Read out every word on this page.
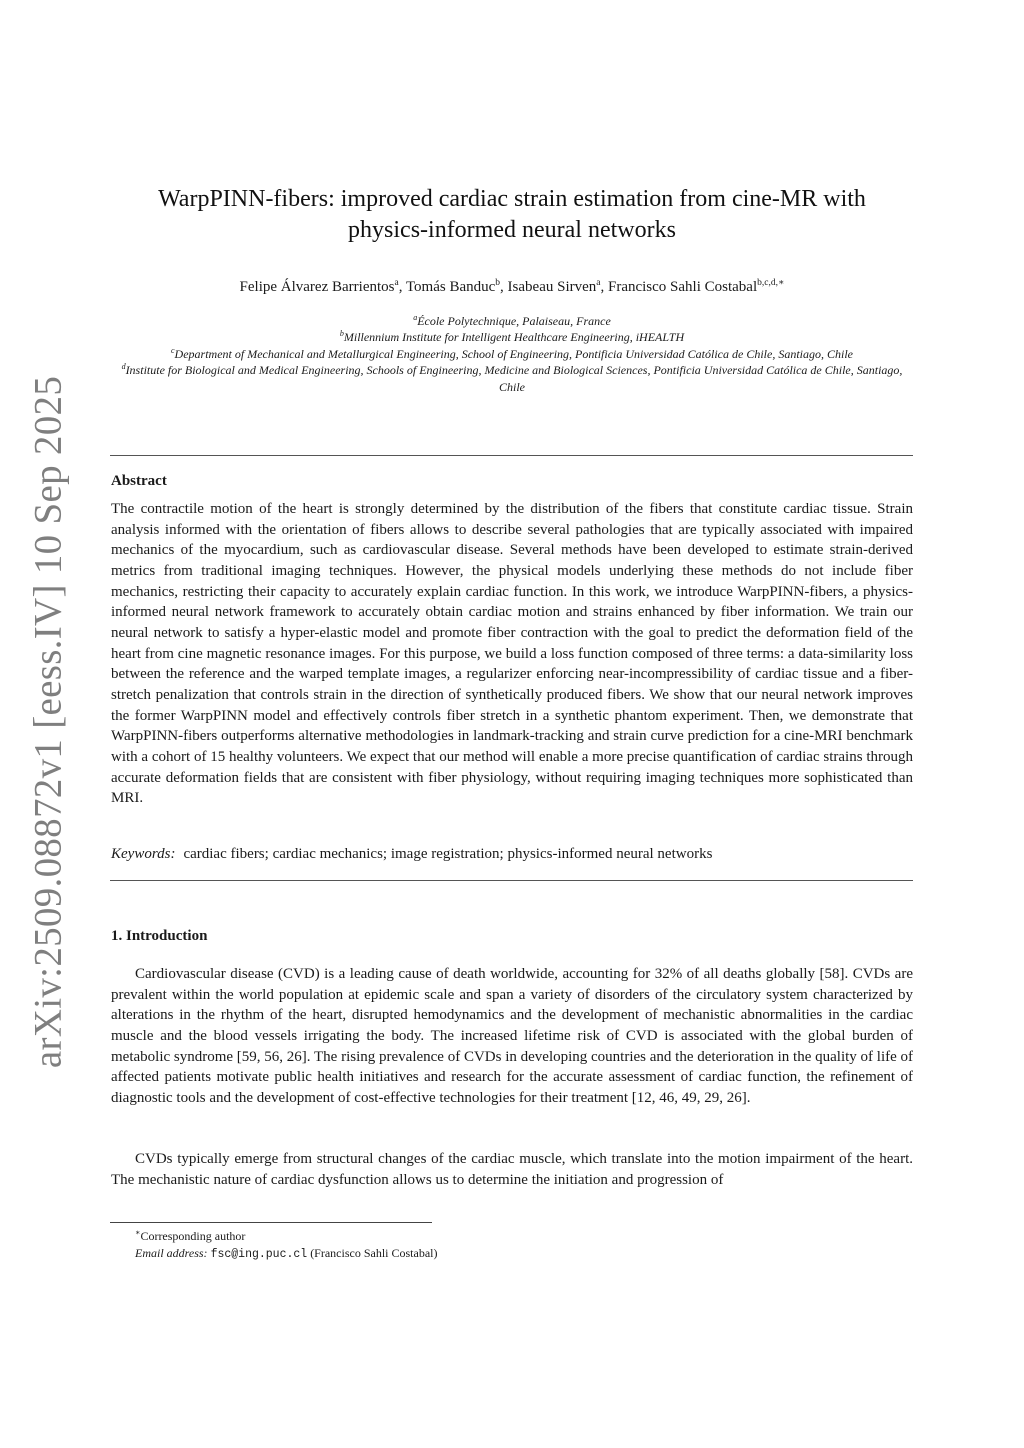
arXiv:2509.08872v1 [eess.IV] 10 Sep 2025
WarpPINN-fibers: improved cardiac strain estimation from cine-MR with
physics-informed neural networks
Felipe Álvarez Barrientos$^a$, Tomás Banduc$^b$, Isabeau Sirven$^a$, Francisco Sahli Costabal$^{b,c,d,∗}$
$^a$École Polytechnique, Palaiseau, France
$^b$Millennium Institute for Intelligent Healthcare Engineering, iHEALTH
$^c$Department of Mechanical and Metallurgical Engineering, School of Engineering, Pontificia Universidad Católica de Chile, Santiago, Chile
$^d$Institute for Biological and Medical Engineering, Schools of Engineering, Medicine and Biological Sciences, Pontificia Universidad Católica de Chile, Santiago, Chile
Abstract

The contractile motion of the heart is strongly determined by the distribution of the fibers that constitute cardiac tissue. Strain analysis informed with the orientation of fibers allows to describe several pathologies that are typically associated with impaired mechanics of the myocardium, such as cardiovascular disease. Several methods have been developed to estimate strain-derived metrics from traditional imaging techniques. However, the physical models underlying these methods do not include fiber mechanics, restricting their capacity to accurately explain cardiac function. In this work, we introduce WarpPINN-fibers, a physics-informed neural network framework to accurately obtain cardiac motion and strains enhanced by fiber information. We train our neural network to satisfy a hyper-elastic model and promote fiber contraction with the goal to predict the deformation field of the heart from cine magnetic resonance images. For this purpose, we build a loss function composed of three terms: a data-similarity loss between the reference and the warped template images, a regularizer enforcing near-incompressibility of cardiac tissue and a fiber-stretch penalization that controls strain in the direction of synthetically produced fibers. We show that our neural network improves the former WarpPINN model and effectively controls fiber stretch in a synthetic phantom experiment. Then, we demonstrate that WarpPINN-fibers outperforms alternative methodologies in landmark-tracking and strain curve prediction for a cine-MRI benchmark with a cohort of 15 healthy volunteers. We expect that our method will enable a more precise quantification of cardiac strains through accurate deformation fields that are consistent with fiber physiology, without requiring imaging techniques more sophisticated than MRI.

Keywords: cardiac fibers; cardiac mechanics; image registration; physics-informed neural networks
1. Introduction

Cardiovascular disease (CVD) is a leading cause of death worldwide, accounting for 32% of all deaths globally [58]. CVDs are prevalent within the world population at epidemic scale and span a variety of disorders of the circulatory system characterized by alterations in the rhythm of the heart, disrupted hemodynamics and the development of mechanistic abnormalities in the cardiac muscle and the blood vessels irrigating the body. The increased lifetime risk of CVD is associated with the global burden of metabolic syndrome [59, 56, 26]. The rising prevalence of CVDs in developing countries and the deterioration in the quality of life of affected patients motivate public health initiatives and research for the accurate assessment of cardiac function, the refinement of diagnostic tools and the development of cost-effective technologies for their treatment [12, 46, 49, 29, 26].

CVDs typically emerge from structural changes of the cardiac muscle, which translate into the motion impairment of the heart. The mechanistic nature of cardiac dysfunction allows us to determine the initiation and progression of

∗Corresponding author
Email address: fsc@ing.puc.cl (Francisco Sahli Costabal)
